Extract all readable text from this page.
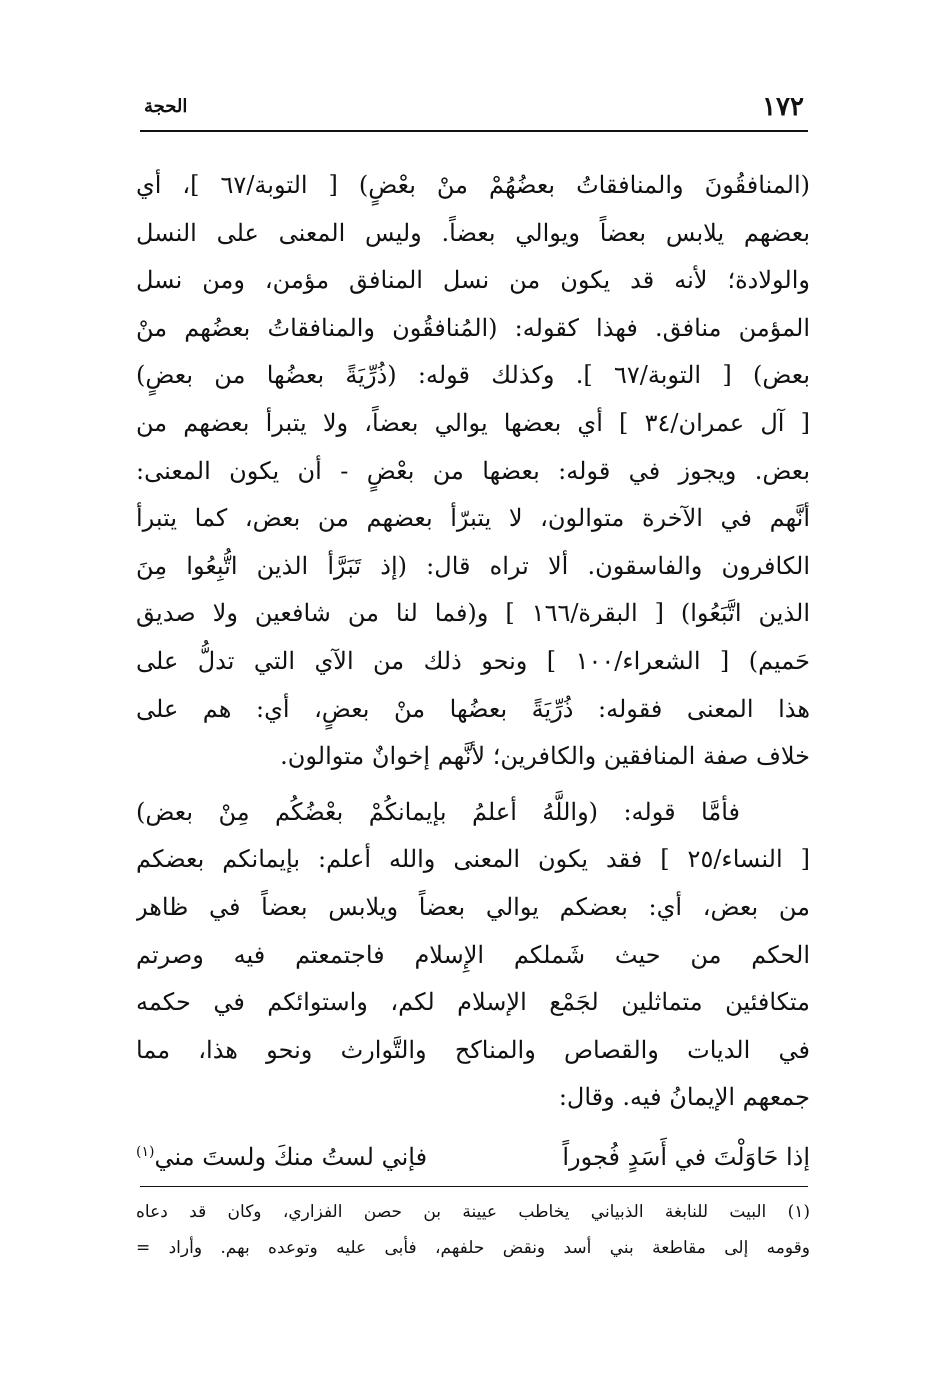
١٧٢
الحجة
(المنافقُونَ والمنافقاتُ بعضُهُمْ منْ بعْضٍ) [ التوبة/٦٧ ]، أي
بعضهم يلابس بعضاً ويوالي بعضاً. وليس المعنى على النسل
والولادة؛ لأنه قد يكون من نسل المنافق مؤمن، ومن نسل
المؤمن منافق. فهذا كقوله: (المُنافقُون والمنافقاتُ بعضُهم منْ
بعض) [ التوبة/٦٧ ]. وكذلك قوله: (ذُرِّيَةً بعضُها من بعضٍ)
[ آل عمران/٣٤ ] أي بعضها يوالي بعضاً، ولا يتبرأ بعضهم من
بعض. ويجوز في قوله: بعضها من بعْضٍ - أن يكون المعنى:
أنَّهم في الآخرة متوالون، لا يتبرّأ بعضهم من بعض، كما يتبرأ
الكافرون والفاسقون. ألا تراه قال: (إذ تَبَرَّأ الذين اتُّبِعُوا مِنَ
الذين اتَّبَعُوا) [ البقرة/١٦٦ ] و(فما لنا من شافعين ولا صديق
حَميم) [ الشعراء/١٠٠ ] ونحو ذلك من الآي التي تدلُّ على
هذا المعنى فقوله: ذُرِّيَةً بعضُها منْ بعضٍ، أي: هم على
خلاف صفة المنافقين والكافرين؛ لأنَّهم إخوانٌ متوالون.
فأمَّا قوله: (واللَّهُ أعلمُ بإيمانكُمْ بعْضُكُم مِنْ بعض)
[ النساء/٢٥ ] فقد يكون المعنى والله أعلم: بإيمانكم بعضكم
من بعض، أي: بعضكم يوالي بعضاً ويلابس بعضاً في ظاهر
الحكم من حيث شَملكم الإِسلام فاجتمعتم فيه وصرتم
متكافئين متماثلين لجَمْع الإسلام لكم، واستوائكم في حكمه
في الديات والقصاص والمناكح والتَّوارث ونحو هذا، مما
جمعهم الإيمانُ فيه. وقال:
إذا حَاوَلْتَ في أَسَدٍ فُجوراً
فإني لستُ منكَ ولستَ مني$^{(١)}$
(١) البيت للنابغة الذبياني يخاطب عيينة بن حصن الفزاري، وكان قد دعاه
وقومه إلى مقاطعة بني أسد ونقض حلفهم، فأبى عليه وتوعده بهم. وأراد =
